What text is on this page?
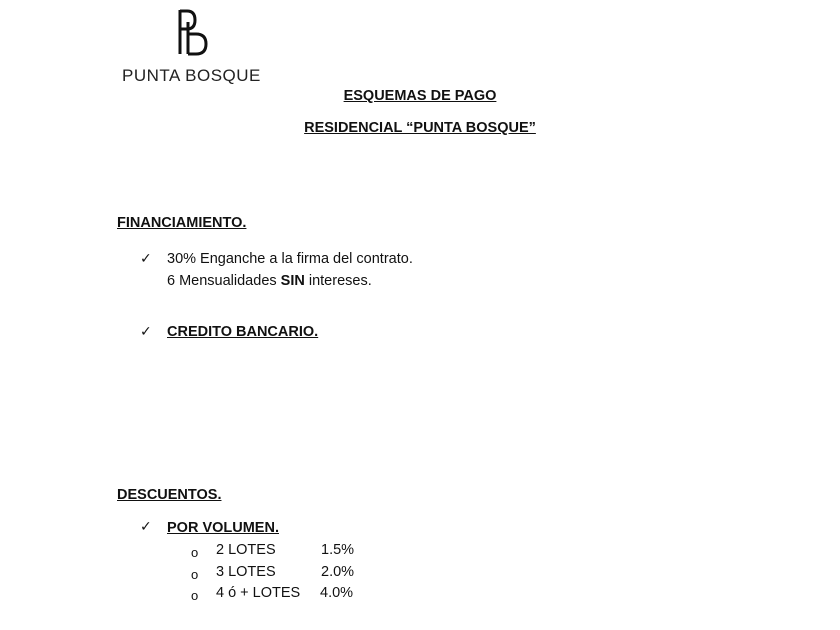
PUNTA BOSQUE
ESQUEMAS DE PAGO
RESIDENCIAL “PUNTA BOSQUE”
FINANCIAMIENTO.
✓ 30% Enganche a la firma del contrato.
6 Mensualidades SIN intereses.
✓ CREDITO BANCARIO.
DESCUENTOS.
✓ POR VOLUMEN.
o 2 LOTES	1.5%
o 3 LOTES	2.0%
o 4 ó + LOTES 4.0%
